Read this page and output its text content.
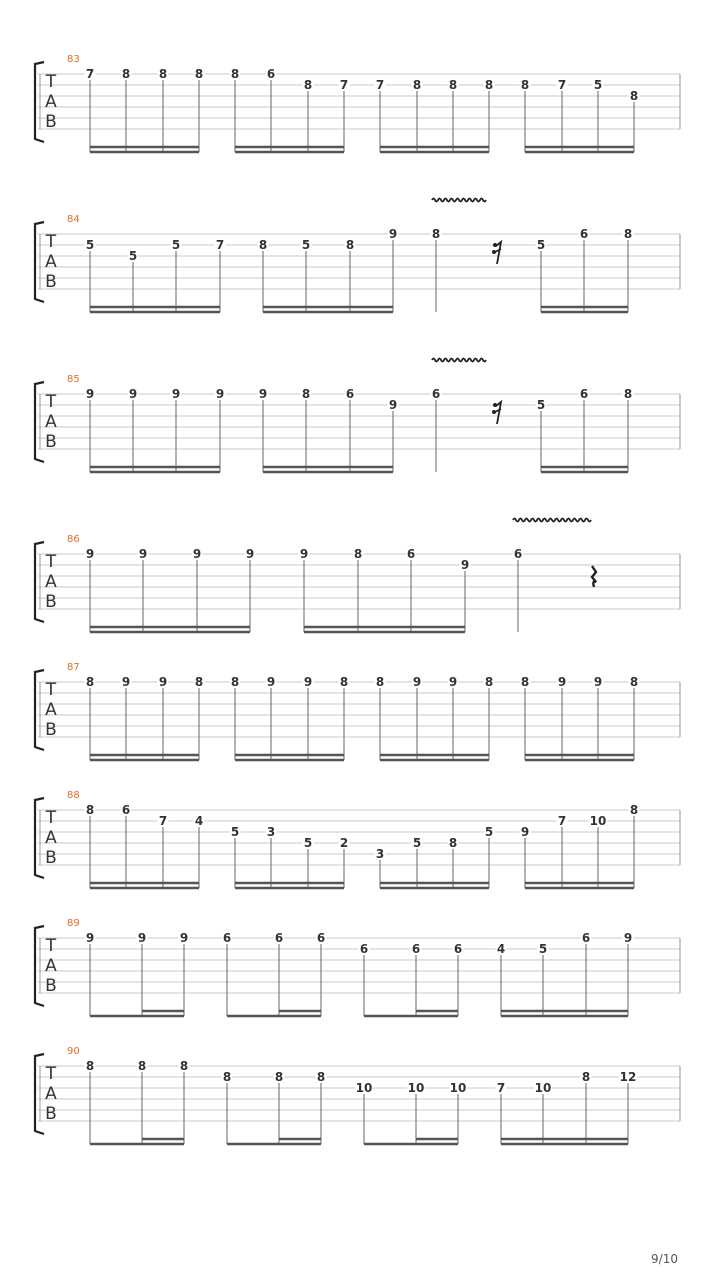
83
T
A
B
7 8 8 8 8 6
8 7 7 8 8 8 8 7 5
8
84
T
A
B
5
5
5	7	8	5	8
9	8
5
6	8
85
T
A
B
9	9	9	9	9	8	6
9
6
5
6	8
86
T
A
B
9	9	9	9	9	8	6
9
6
87
T
A
B
8 9 9 8 8 9 9 8 8 9 9 8 8 9 9 8
88
T
A
B
8 6
7 4
5 3
5 2
3
5 8
5 9
7 10
8
89
T
A
B
9	9	9	6	6	6
6	6	6	4	5
6	9
90
T
A
B
8	8	8
8	8	8
10	10 10	7 10
8 12
9/10
